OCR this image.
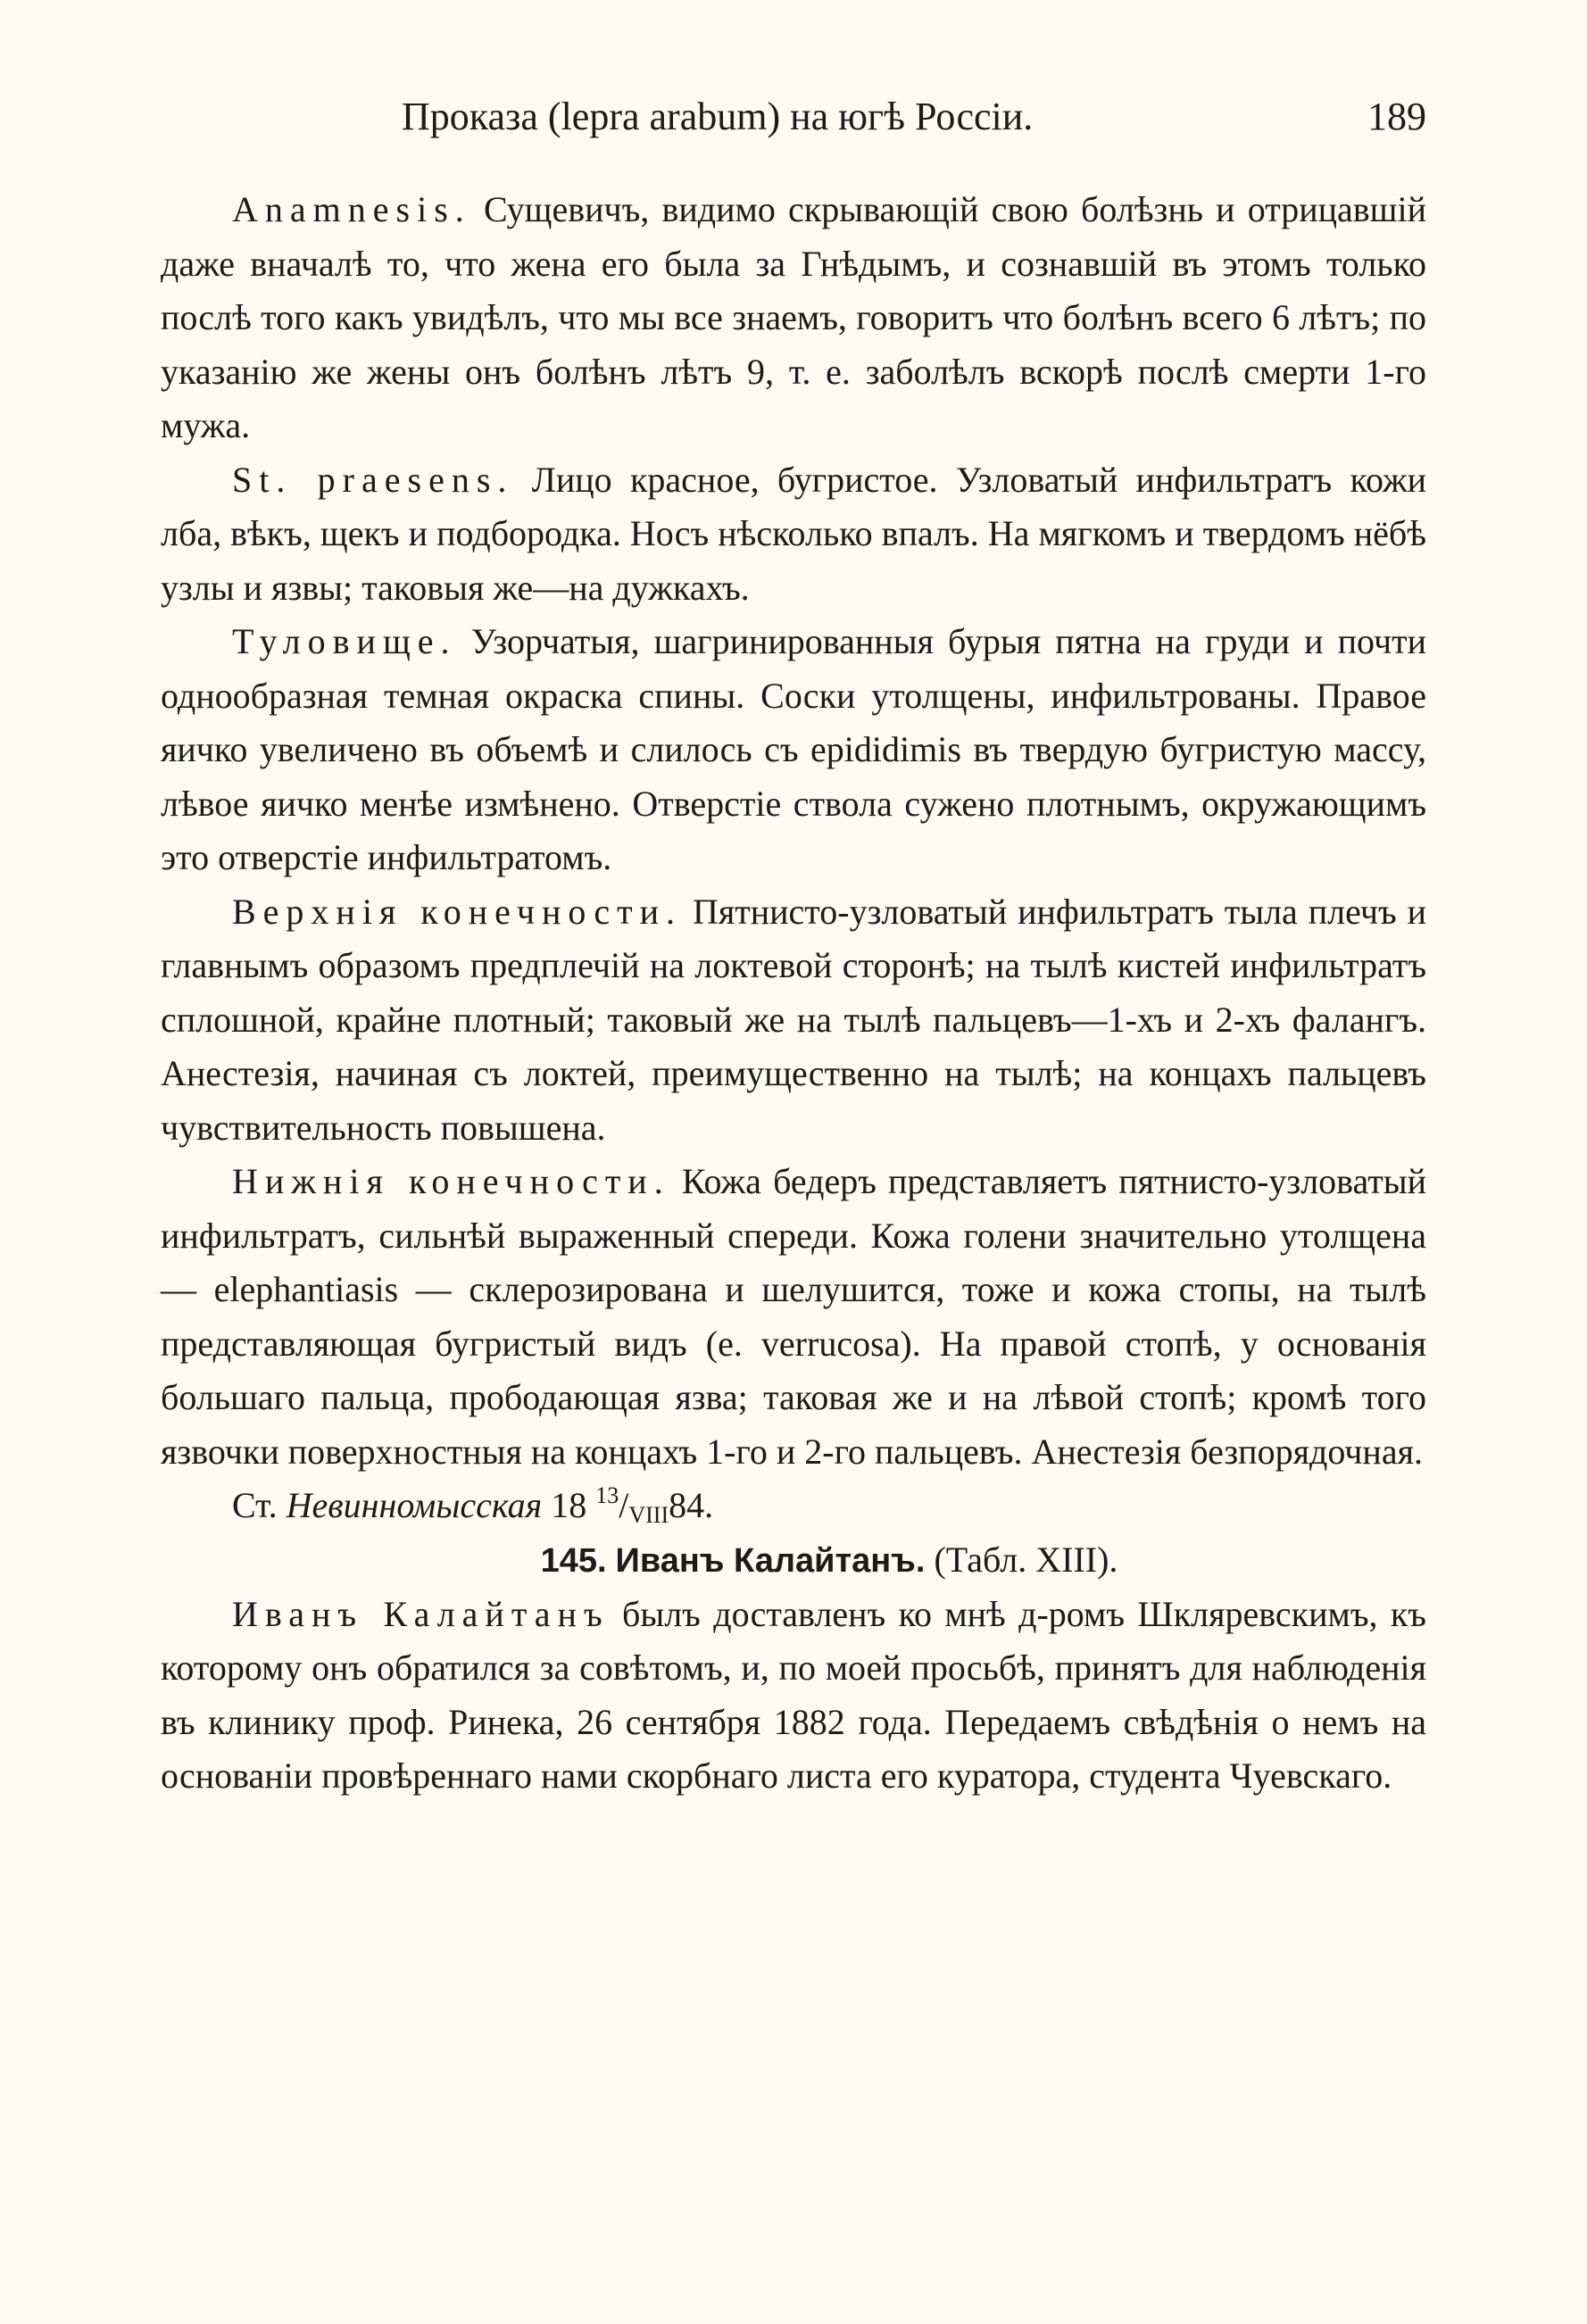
Проказа (lepra arabum) на югѣ Россіи.	189

Anamnesis. Сущевичъ, видимо скрывающій свою болѣзнь и отрицавшій даже вначалѣ то, что жена его была за Гнѣдымъ, и сознавшій въ этомъ только послѣ того какъ увидѣлъ, что мы все знаемъ, говоритъ что болѣнъ всего 6 лѣтъ; по указанію же жены онъ болѣнъ лѣтъ 9, т. е. заболѣлъ вскорѣ послѣ смерти 1-го мужа.

St. praesens. Лицо красное, бугристое. Узловатый инфильтратъ кожи лба, вѣкъ, щекъ и подбородка. Носъ нѣсколько впалъ. На мягкомъ и твердомъ нёбѣ узлы и язвы; таковыя же—на дужкахъ.

Туловище. Узорчатыя, шагринированныя бурыя пятна на груди и почти однообразная темная окраска спины. Соски утолщены, инфильтрованы. Правое яичко увеличено въ объемѣ и слилось съ epididimis въ твердую бугристую массу, лѣвое яичко менѣе измѣнено. Отверстіе ствола сужено плотнымъ, окружающимъ это отверстіе инфильтратомъ.

Верхнія конечности. Пятнисто-узловатый инфильтратъ тыла плечъ и главнымъ образомъ предплечій на локтевой сторонѣ; на тылѣ кистей инфильтратъ сплошной, крайне плотный; таковый же на тылѣ пальцевъ—1-хъ и 2-хъ фалангъ. Анестезія, начиная съ локтей, преимущественно на тылѣ; на концахъ пальцевъ чувствительность повышена.

Нижнія конечности. Кожа бедеръ представляетъ пятнисто-узловатый инфильтратъ, сильнѣй выраженный спереди. Кожа голени значительно утолщена — elephantiasis — склерозирована и шелушится, тоже и кожа стопы, на тылѣ представляющая бугристый видъ (e. verrucosa). На правой стопѣ, у основанія большаго пальца, прободающая язва; таковая же и на лѣвой стопѣ; кромѣ того язвочки поверхностныя на концахъ 1-го и 2-го пальцевъ. Анестезія безпорядочная.

Ст. Невинномысская 18 $^{13}/_{VIII}84$.

145. Иванъ Калайтанъ. (Табл. XIII).

Иванъ Калайтанъ былъ доставленъ ко мнѣ д-ромъ Шкляревскимъ, къ которому онъ обратился за совѣтомъ, и, по моей просьбѣ, принятъ для наблюденія въ клинику проф. Ринека, 26 сентября 1882 года. Передаемъ свѣдѣнія о немъ на основаніи провѣреннаго нами скорбнаго листа его куратора, студента Чуевскаго.
